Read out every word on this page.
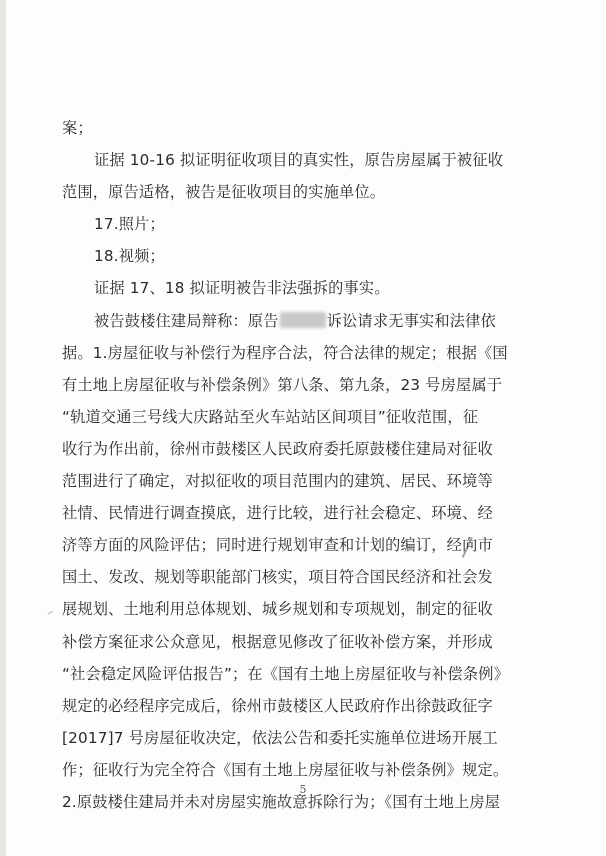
案；
证据 10-16 拟证明征收项目的真实性，原告房屋属于被征收
范围，原告适格，被告是征收项目的实施单位。
17.照片；
18.视频；
证据 17、18 拟证明被告非法强拆的事实。
被告鼓楼住建局辩称：原告	诉讼请求无事实和法律依
据。1.房屋征收与补偿行为程序合法，符合法律的规定；根据《国
有土地上房屋征收与补偿条例》第八条、第九条，23 号房屋属于
“轨道交通三号线大庆路站至火车站站区间项目”征收范围，征
收行为作出前，徐州市鼓楼区人民政府委托原鼓楼住建局对征收
范围进行了确定，对拟征收的项目范围内的建筑、居民、环境等
社情、民情进行调查摸底，进行比较，进行社会稳定、环境、经
济等方面的风险评估；同时进行规划审查和计划的编订，经向市
国土、发改、规划等职能部门核实，项目符合国民经济和社会发
展规划、土地利用总体规划、城乡规划和专项规划，制定的征收
补偿方案征求公众意见，根据意见修改了征收补偿方案，并形成
“社会稳定风险评估报告”；在《国有土地上房屋征收与补偿条例》
规定的必经程序完成后，徐州市鼓楼区人民政府作出徐鼓政征字
[2017]7 号房屋征收决定，依法公告和委托实施单位进场开展工
作；征收行为完全符合《国有土地上房屋征收与补偿条例》规定。
2.原鼓楼住建局并未对房屋实施故意拆除行为；《国有土地上房屋
5
